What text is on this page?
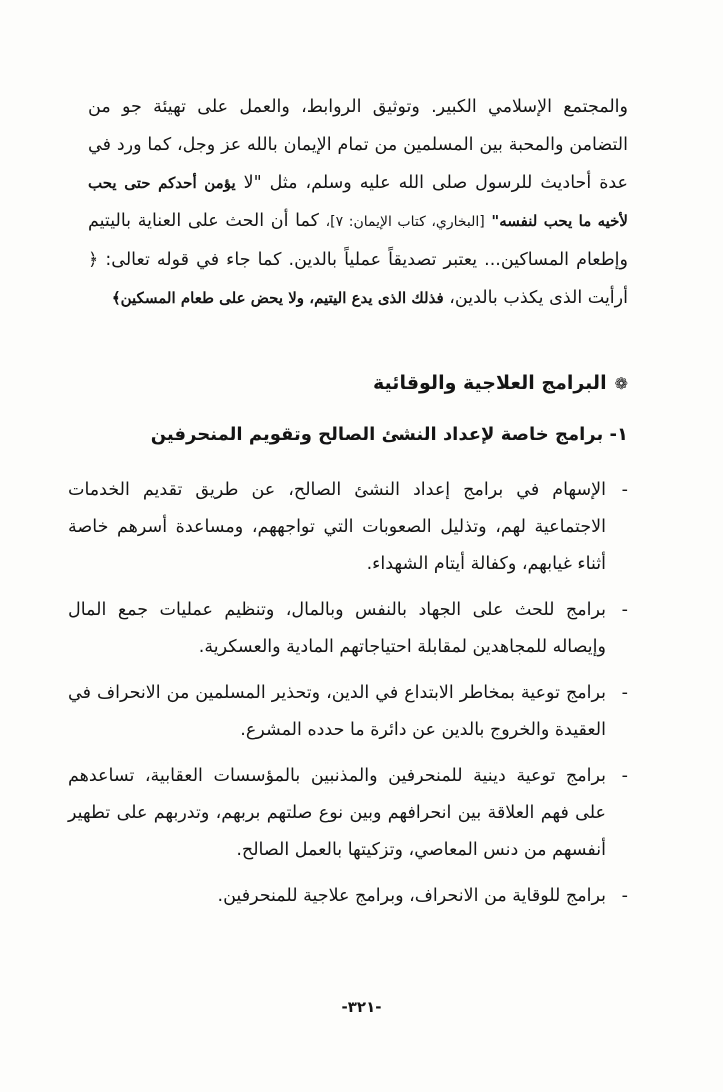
والمجتمع الإسلامي الكبير. وتوثيق الروابط، والعمل على تهيئة جو من التضامن والمحبة بين المسلمين من تمام الإيمان بالله عز وجل، كما ورد في عدة أحاديث للرسول صلى الله عليه وسلم، مثل "لا يؤمن أحدكم حتى يحب لأخيه ما يحب لنفسه" [البخاري، كتاب الإيمان: ٧]، كما أن الحث على العناية باليتيم وإطعام المساكين... يعتبر تصديقاً عملياً بالدين. كما جاء في قوله تعالى: ﴿ أرأيت الذى يكذب بالدين، فذلك الذى يدع اليتيم، ولا يحض على طعام المسكين﴾
❁
البرامج العلاجية والوقائية
١- برامج خاصة لإعداد النشئ الصالح وتقويم المنحرفين
-
الإسهام في برامج إعداد النشئ الصالح، عن طريق تقديم الخدمات الاجتماعية لهم، وتذليل الصعوبات التي تواجههم، ومساعدة أسرهم خاصة أثناء غيابهم، وكفالة أيتام الشهداء.
-
برامج للحث على الجهاد بالنفس وبالمال، وتنظيم عمليات جمع المال وإيصاله للمجاهدين لمقابلة احتياجاتهم المادية والعسكرية.
-
برامج توعية بمخاطر الابتداع في الدين، وتحذير المسلمين من الانحراف في العقيدة والخروج بالدين عن دائرة ما حدده المشرع.
-
برامج توعية دينية للمنحرفين والمذنبين بالمؤسسات العقابية، تساعدهم على فهم العلاقة بين انحرافهم وبين نوع صلتهم بربهم، وتدربهم على تطهير أنفسهم من دنس المعاصي، وتزكيتها بالعمل الصالح.
-
برامج للوقاية من الانحراف، وبرامج علاجية للمنحرفين.
-٣٢١-
